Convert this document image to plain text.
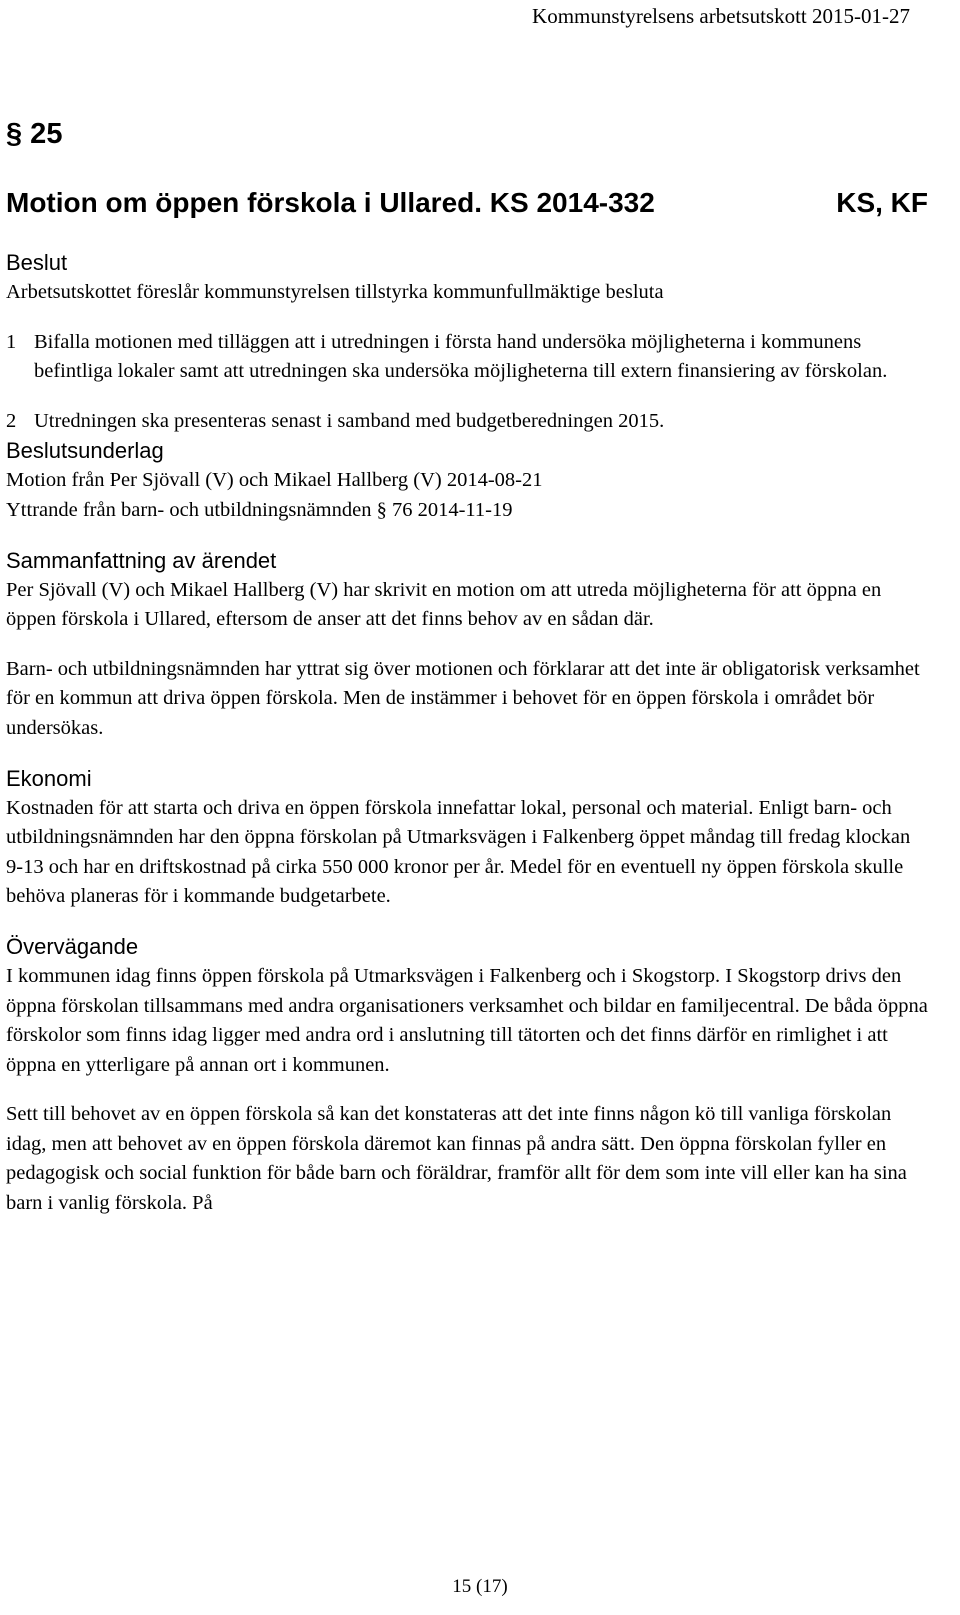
Kommunstyrelsens arbetsutskott 2015-01-27
§ 25
Motion om öppen förskola i Ullared. KS 2014-332	KS, KF
Beslut

Arbetsutskottet föreslår kommunstyrelsen tillstyrka kommunfullmäktige besluta

1 Bifalla motionen med tilläggen att i utredningen i första hand undersöka möjligheterna i kommunens befintliga lokaler samt att utredningen ska undersöka möjligheterna till extern finansiering av förskolan.
2 Utredningen ska presenteras senast i samband med budgetberedningen 2015.
Beslutsunderlag

Motion från Per Sjövall (V) och Mikael Hallberg (V) 2014-08-21

Yttrande från barn- och utbildningsnämnden § 76 2014-11-19

Sammanfattning av ärendet

Per Sjövall (V) och Mikael Hallberg (V) har skrivit en motion om att utreda möjligheterna för att öppna en öppen förskola i Ullared, eftersom de anser att det finns behov av en sådan där.

Barn- och utbildningsnämnden har yttrat sig över motionen och förklarar att det inte är obligatorisk verksamhet för en kommun att driva öppen förskola. Men de instämmer i behovet för en öppen förskola i området bör undersökas.

Ekonomi

Kostnaden för att starta och driva en öppen förskola innefattar lokal, personal och material. Enligt barn- och utbildningsnämnden har den öppna förskolan på Utmarksvägen i Falkenberg öppet måndag till fredag klockan 9-13 och har en driftskostnad på cirka 550 000 kronor per år. Medel för en eventuell ny öppen förskola skulle behöva planeras för i kommande budgetarbete.

Övervägande

I kommunen idag finns öppen förskola på Utmarksvägen i Falkenberg och i Skogstorp. I Skogstorp drivs den öppna förskolan tillsammans med andra organisationers verksamhet och bildar en familjecentral. De båda öppna förskolor som finns idag ligger med andra ord i anslutning till tätorten och det finns därför en rimlighet i att öppna en ytterligare på annan ort i kommunen.

Sett till behovet av en öppen förskola så kan det konstateras att det inte finns någon kö till vanliga förskolan idag, men att behovet av en öppen förskola däremot kan finnas på andra sätt. Den öppna förskolan fyller en pedagogisk och social funktion för både barn och föräldrar, framför allt för dem som inte vill eller kan ha sina barn i vanlig förskola. På

15 (17)
